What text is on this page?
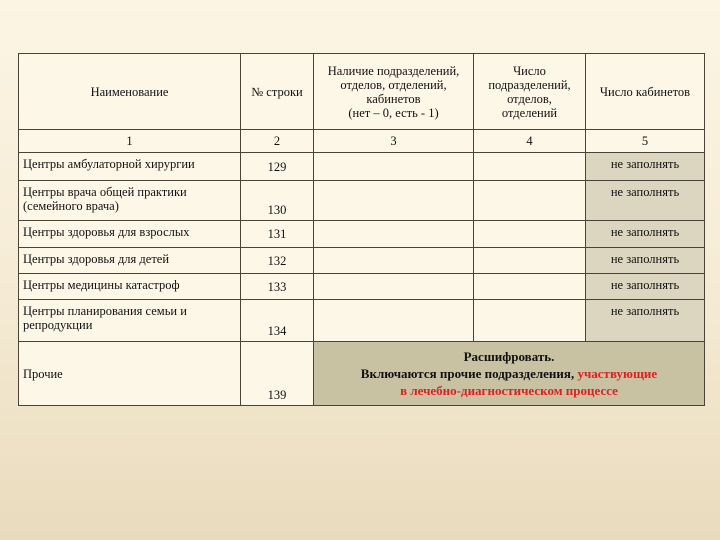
Наименование	№ строки	Наличие подразделений,
отделов, отделений,
кабинетов
(нет – 0, есть - 1)	Число
подразделений,
отделов,
отделений	Число кабинетов
1	2	3	4	5
Центры амбулаторной хирургии	129			не заполнять
Центры врача общей практики (семейного врача)	130			не заполнять
Центры здоровья для взрослых	131			не заполнять
Центры здоровья для детей	132			не заполнять
Центры медицины катастроф	133			не заполнять
Центры планирования семьи и репродукции	134			не заполнять
Прочие	139	Расшифровать.
Включаются прочие подразделения, участвующие
в лечебно-диагностическом процессе		
